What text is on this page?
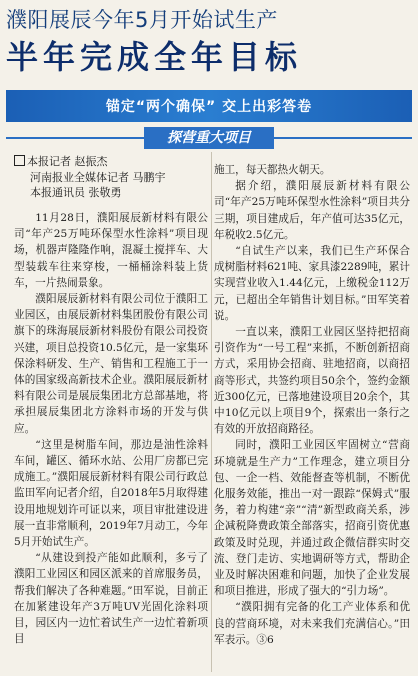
濮阳展辰今年5月开始试生产
半年完成全年目标
锚定“两个确保” 交上出彩答卷
探营重大项目
本报记者 赵振杰
河南报业全媒体记者 马鹏宇
本报通讯员 张敬勇

11月28日，濮阳展辰新材料有限公司“年产25万吨环保型水性涂料”项目现场，机器声隆隆作响，混凝土搅拌车、大型装载车往来穿梭，一桶桶涂料装上货车，一片热闹景象。

濮阳展辰新材料有限公司位于濮阳工业园区，由展辰新材料集团股份有限公司旗下的珠海展辰新材料股份有限公司投资兴建，项目总投资10.5亿元，是一家集环保涂料研发、生产、销售和工程施工于一体的国家级高新技术企业。濮阳展辰新材料有限公司是展辰集团北方总部基地，将承担展辰集团北方涂料市场的开发与供应。

“这里是树脂车间，那边是油性涂料车间，罐区、循环水站、公用厂房都已完成施工。”濮阳展辰新材料有限公司行政总监田军向记者介绍，自2018年5月取得建设用地规划许可证以来，项目审批建设进展一直非常顺利，2019年7月动工，今年5月开始试生产。

“从建设到投产能如此顺利，多亏了濮阳工业园区和园区派来的首席服务员，帮我们解决了各种难题。”田军说，目前正在加紧建设年产3万吨UV光固化涂料项目，园区内一边忙着试生产一边忙着新项目

施工，每天都热火朝天。

据介绍，濮阳展辰新材料有限公司“年产25万吨环保型水性涂料”项目共分三期，项目建成后，年产值可达35亿元，年税收2.5亿元。

“自试生产以来，我们已生产环保合成树脂材料621吨、家具漆2289吨，累计实现营业收入1.44亿元，上缴税金112万元，已超出全年销售计划目标。”田军笑着说。

一直以来，濮阳工业园区坚持把招商引资作为“一号工程”来抓，不断创新招商方式，采用协会招商、驻地招商，以商招商等形式，共签约项目50余个，签约金额近300亿元，已落地建设项目20余个，其中10亿元以上项目9个，探索出一条行之有效的开放招商路径。

同时，濮阳工业园区牢固树立“营商环境就是生产力”工作理念，建立项目分包、一企一档、效能督查等机制，不断优化服务效能，推出一对一跟踪“保姆式”服务，着力构建“亲”“清”新型政商关系，涉企减税降费政策全部落实，招商引资优惠政策及时兑现，并通过政企微信群实时交流、登门走访、实地调研等方式，帮助企业及时解决困难和问题，加快了企业发展和项目推进，形成了强大的“引力场”。

“濮阳拥有完备的化工产业体系和优良的营商环境，对未来我们充满信心。”田军表示。③6
